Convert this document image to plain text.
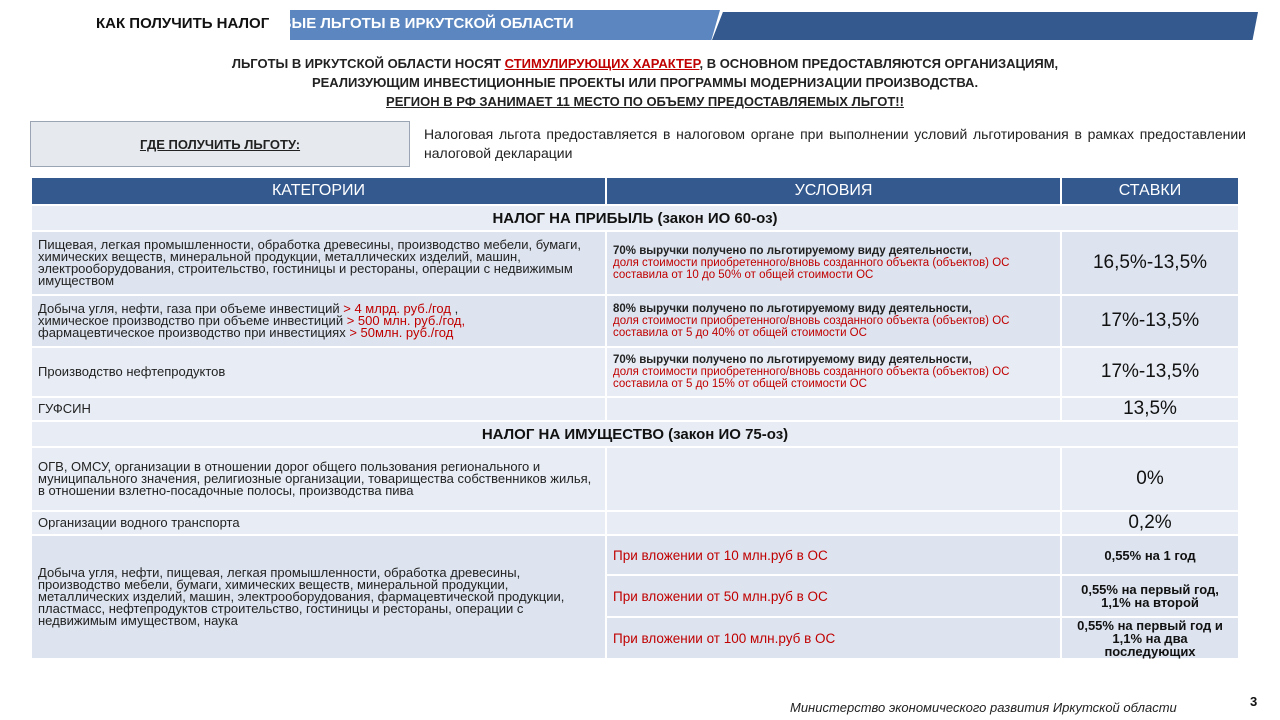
КАК ПОЛУЧИТЬ НАЛОГОВЫЕ ЛЬГОТЫ В ИРКУТСКОЙ ОБЛАСТИ
ЛЬГОТЫ В ИРКУТСКОЙ ОБЛАСТИ НОСЯТ СТИМУЛИРУЮЩИХ ХАРАКТЕР, В ОСНОВНОМ ПРЕДОСТАВЛЯЮТСЯ ОРГАНИЗАЦИЯМ,
РЕАЛИЗУЮЩИМ ИНВЕСТИЦИОННЫЕ ПРОЕКТЫ ИЛИ ПРОГРАММЫ МОДЕРНИЗАЦИИ ПРОИЗВОДСТВА.
РЕГИОН В РФ ЗАНИМАЕТ 11 МЕСТО ПО ОБЪЕМУ ПРЕДОСТАВЛЯЕМЫХ ЛЬГОТ!!
ГДЕ ПОЛУЧИТЬ ЛЬГОТУ:
Налоговая льгота предоставляется в налоговом органе при выполнении условий льготирования в рамках предоставлении налоговой декларации
КАТЕГОРИИ	УСЛОВИЯ	СТАВКИ
НАЛОГ НА ПРИБЫЛЬ (закон ИО 60-оз)		
Пищевая, легкая промышленности, обработка древесины, производство мебели, бумаги, химических веществ, минеральной продукции, металлических изделий, машин, электрооборудования, строительство, гостиницы и рестораны, операции с недвижимым имуществом	70% выручки получено по льготируемому виду деятельности,
доля стоимости приобретенного/вновь созданного объекта (объектов) ОС составила от 10 до 50% от общей стоимости ОС	16,5%-13,5%
Добыча угля, нефти, газа при объеме инвестиций > 4 млрд. руб./год ,
химическое производство при объеме инвестиций > 500 млн. руб./год,
фармацевтическое производство при инвестициях > 50млн. руб./год	80% выручки получено по льготируемому виду деятельности,
доля стоимости приобретенного/вновь созданного объекта (объектов) ОС составила от 5 до 40% от общей стоимости ОС	17%-13,5%
Производство нефтепродуктов	70% выручки получено по льготируемому виду деятельности,
доля стоимости приобретенного/вновь созданного объекта (объектов) ОС составила от 5 до 15% от общей стоимости ОС	17%-13,5%
ГУФСИН		13,5%
НАЛОГ НА ИМУЩЕСТВО (закон ИО 75-оз)		
ОГВ, ОМСУ, организации в отношении дорог общего пользования регионального и муниципального значения, религиозные организации, товарищества собственников жилья, в отношении взлетно-посадочные полосы, производства пива		0%
Организации водного транспорта		0,2%
Добыча угля, нефти, пищевая, легкая промышленности, обработка древесины, производство мебели, бумаги, химических веществ, минеральной продукции, металлических изделий, машин, электрооборудования, фармацевтической продукции, пластмасс, нефтепродуктов строительство, гостиницы и рестораны, операции с недвижимым имуществом, наука	При вложении от 10 млн.руб в ОС	0,55% на 1 год
	При вложении от 50 млн.руб в ОС	0,55% на первый год, 1,1% на второй
	При вложении от 100 млн.руб в ОС	0,55% на первый год и 1,1% на два последующих
Министерство экономического развития Иркутской области	3
